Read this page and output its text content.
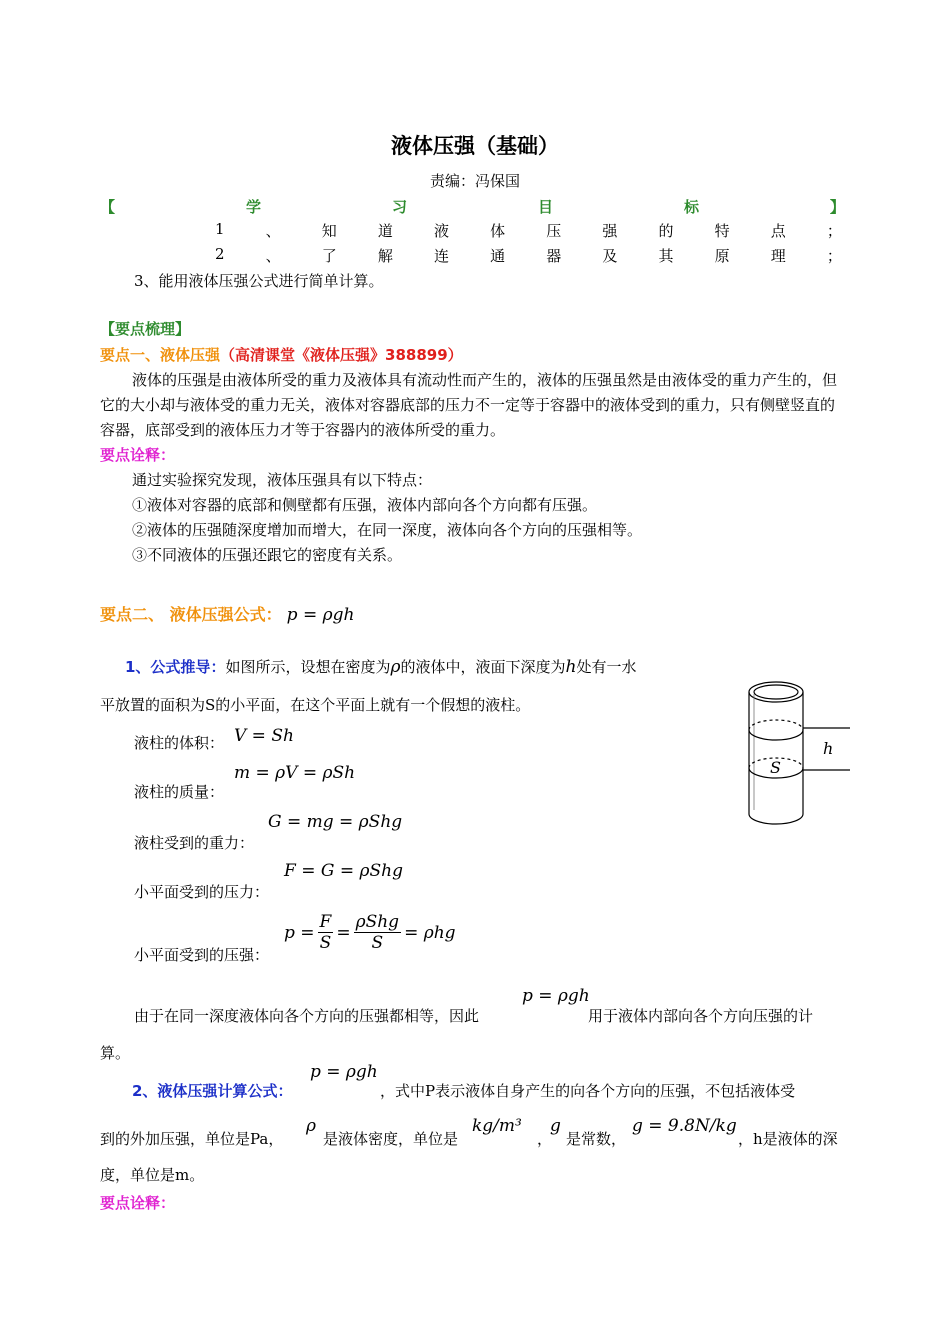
液体压强（基础）
责编：冯保国
【	学	习	目	标	】
1	、	知	道	液	体	压	强	的	特	点	；
2	、	了	解	连	通	器	及	其	原	理	；
3、能用液体压强公式进行简单计算。
【要点梳理】
要点一、液体压强（高清课堂《液体压强》388899）
液体的压强是由液体所受的重力及液体具有流动性而产生的，液体的压强虽然是由液体受的重力产生的，但它的大小却与液体受的重力无关，液体对容器底部的压力不一定等于容器中的液体受到的重力，只有侧壁竖直的容器，底部受到的液体压力才等于容器内的液体所受的重力。
要点诠释：
通过实验探究发现，液体压强具有以下特点：
①液体对容器的底部和侧壁都有压强，液体内部向各个方向都有压强。
②液体的压强随深度增加而增大，在同一深度，液体向各个方向的压强相等。
③不同液体的压强还跟它的密度有关系。
要点二、 液体压强公式： p = ρgh
1、公式推导：如图所示，设想在密度为ρ的液体中，液面下深度为h处有一水
平放置的面积为S的小平面，在这个平面上就有一个假想的液柱。
液柱的体积： V = Sh
m = ρV = ρSh
液柱的质量：
G = mg = ρShg
液柱受到的重力：
F = G = ρShg
小平面受到的压力：
小平面受到的压强：
$p = \frac{F}{S} = \frac{\text{ρShg}}{S} = \rho hg$
由于在同一深度液体向各个方向的压强都相等，因此
p = ρgh
用于液体内部向各个方向压强的计
算。
2、液体压强计算公式：
p = ρgh
，式中P表示液体自身产生的向各个方向的压强，不包括液体受
到的外加压强，单位是Pa，
ρ
是液体密度，单位是
kg/m³
，
g
是常数，
g = 9.8N/kg
，h是液体的深
度，单位是m。
要点诠释：
h
S
